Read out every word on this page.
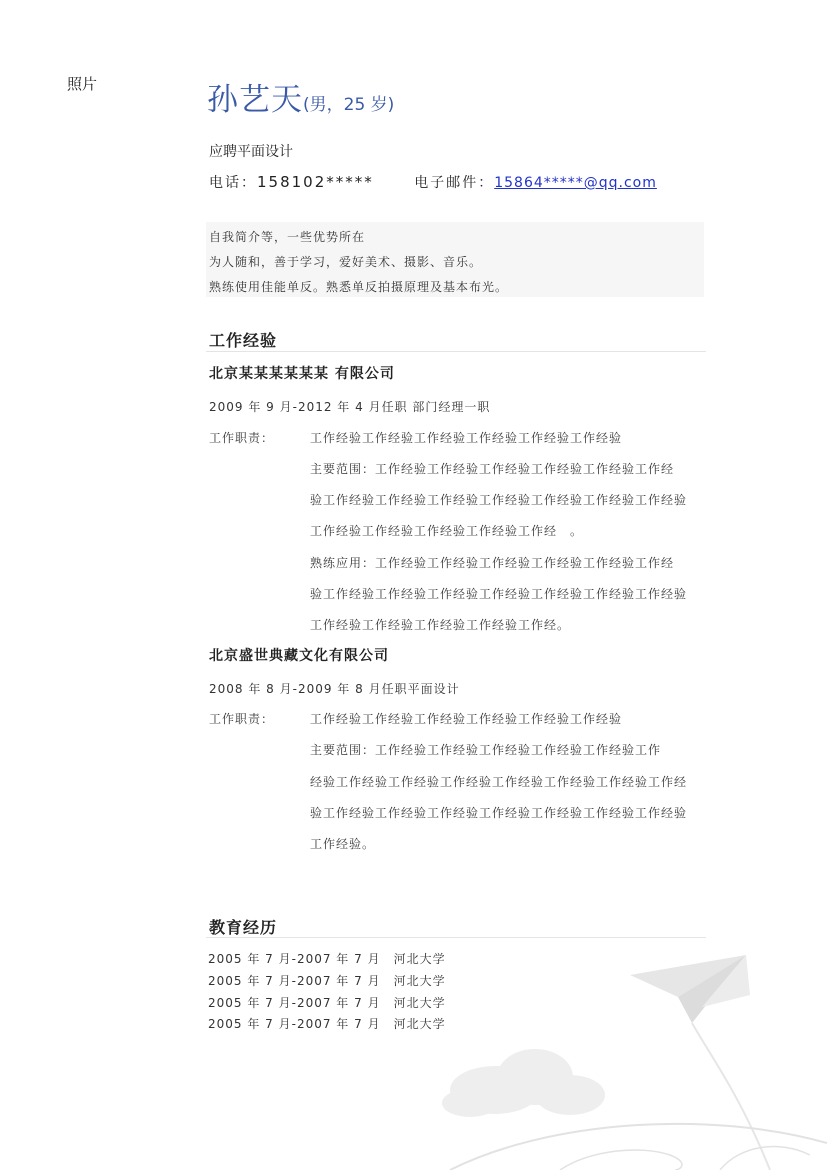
照片	孙艺天(男，25 岁)
应聘平面设计
电话：158102*****	电子邮件：15864*****@qq.com
自我简介等，一些优势所在
为人随和，善于学习，爱好美术、摄影、音乐。
熟练使用佳能单反。熟悉单反拍摄原理及基本布光。
工作经验
北京某某某某某某 有限公司
2009 年 9 月-2012 年 4 月任职 部门经理一职
工作职责：	工作经验工作经验工作经验工作经验工作经验工作经验
主要范围：工作经验工作经验工作经验工作经验工作经验工作经
验工作经验工作经验工作经验工作经验工作经验工作经验工作经验
工作经验工作经验工作经验工作经验工作经　。
熟练应用：工作经验工作经验工作经验工作经验工作经验工作经
验工作经验工作经验工作经验工作经验工作经验工作经验工作经验
工作经验工作经验工作经验工作经验工作经。
北京盛世典藏文化有限公司
2008 年 8 月-2009 年 8 月任职平面设计
工作职责：	工作经验工作经验工作经验工作经验工作经验工作经验
主要范围：工作经验工作经验工作经验工作经验工作经验工作
经验工作经验工作经验工作经验工作经验工作经验工作经验工作经
验工作经验工作经验工作经验工作经验工作经验工作经验工作经验
工作经验。
教育经历
2005 年 7 月-2007 年 7 月　河北大学
2005 年 7 月-2007 年 7 月　河北大学
2005 年 7 月-2007 年 7 月　河北大学
2005 年 7 月-2007 年 7 月　河北大学
